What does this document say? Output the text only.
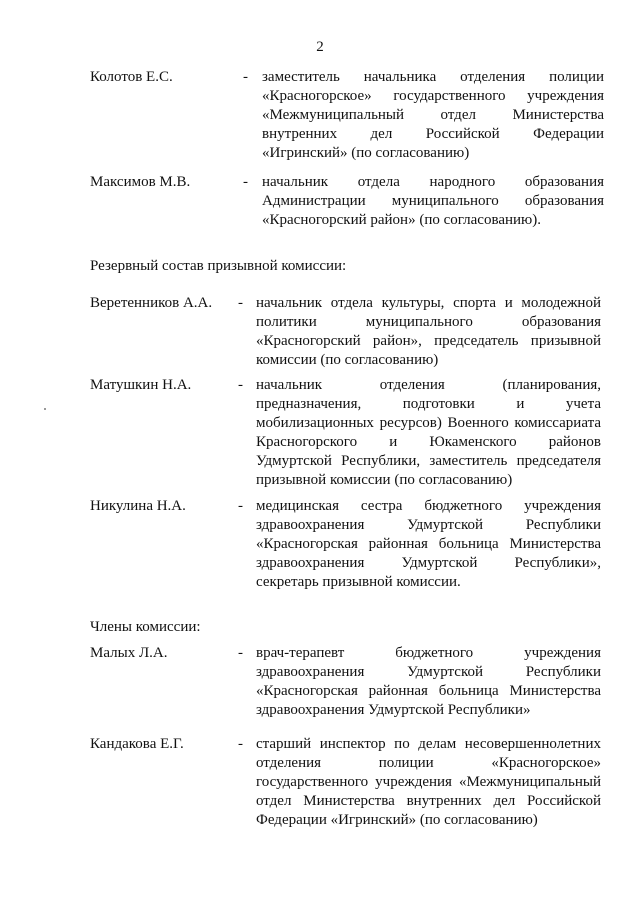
2
Колотов Е.С.	- заместитель начальника отделения полиции
«Красногорское» государственного учреждения
«Межмуниципальный отдел Министерства
внутренних дел Российской Федерации
«Игринский» (по согласованию)
Максимов М.В.	- начальник отдела народного образования
Администрации муниципального образования
«Красногорский район» (по согласованию).
Резервный состав призывной комиссии:
Веретенников А.А. - начальник отдела культуры, спорта и молодежной
политики муниципального образования
«Красногорский район», председатель призывной
комиссии (по согласованию)
Матушкин Н.А.	- начальник отделения (планирования,
предназначения, подготовки и учета
мобилизационных ресурсов) Военного комиссариата
Красногорского и Юкаменского районов
Удмуртской Республики, заместитель председателя
призывной комиссии (по согласованию)
Никулина Н.А.	- медицинская сестра бюджетного учреждения
здравоохранения Удмуртской Республики
«Красногорская районная больница Министерства
здравоохранения Удмуртской Республики»,
секретарь призывной комиссии.
Члены комиссии:
Малых Л.А.	- врач-терапевт бюджетного учреждения
здравоохранения Удмуртской Республики
«Красногорская районная больница Министерства
здравоохранения Удмуртской Республики»
Кандакова Е.Г.	- старший инспектор по делам несовершеннолетних
отделения полиции «Красногорское»
государственного учреждения «Межмуниципальный
отдел Министерства внутренних дел Российской
Федерации «Игринский» (по согласованию)
